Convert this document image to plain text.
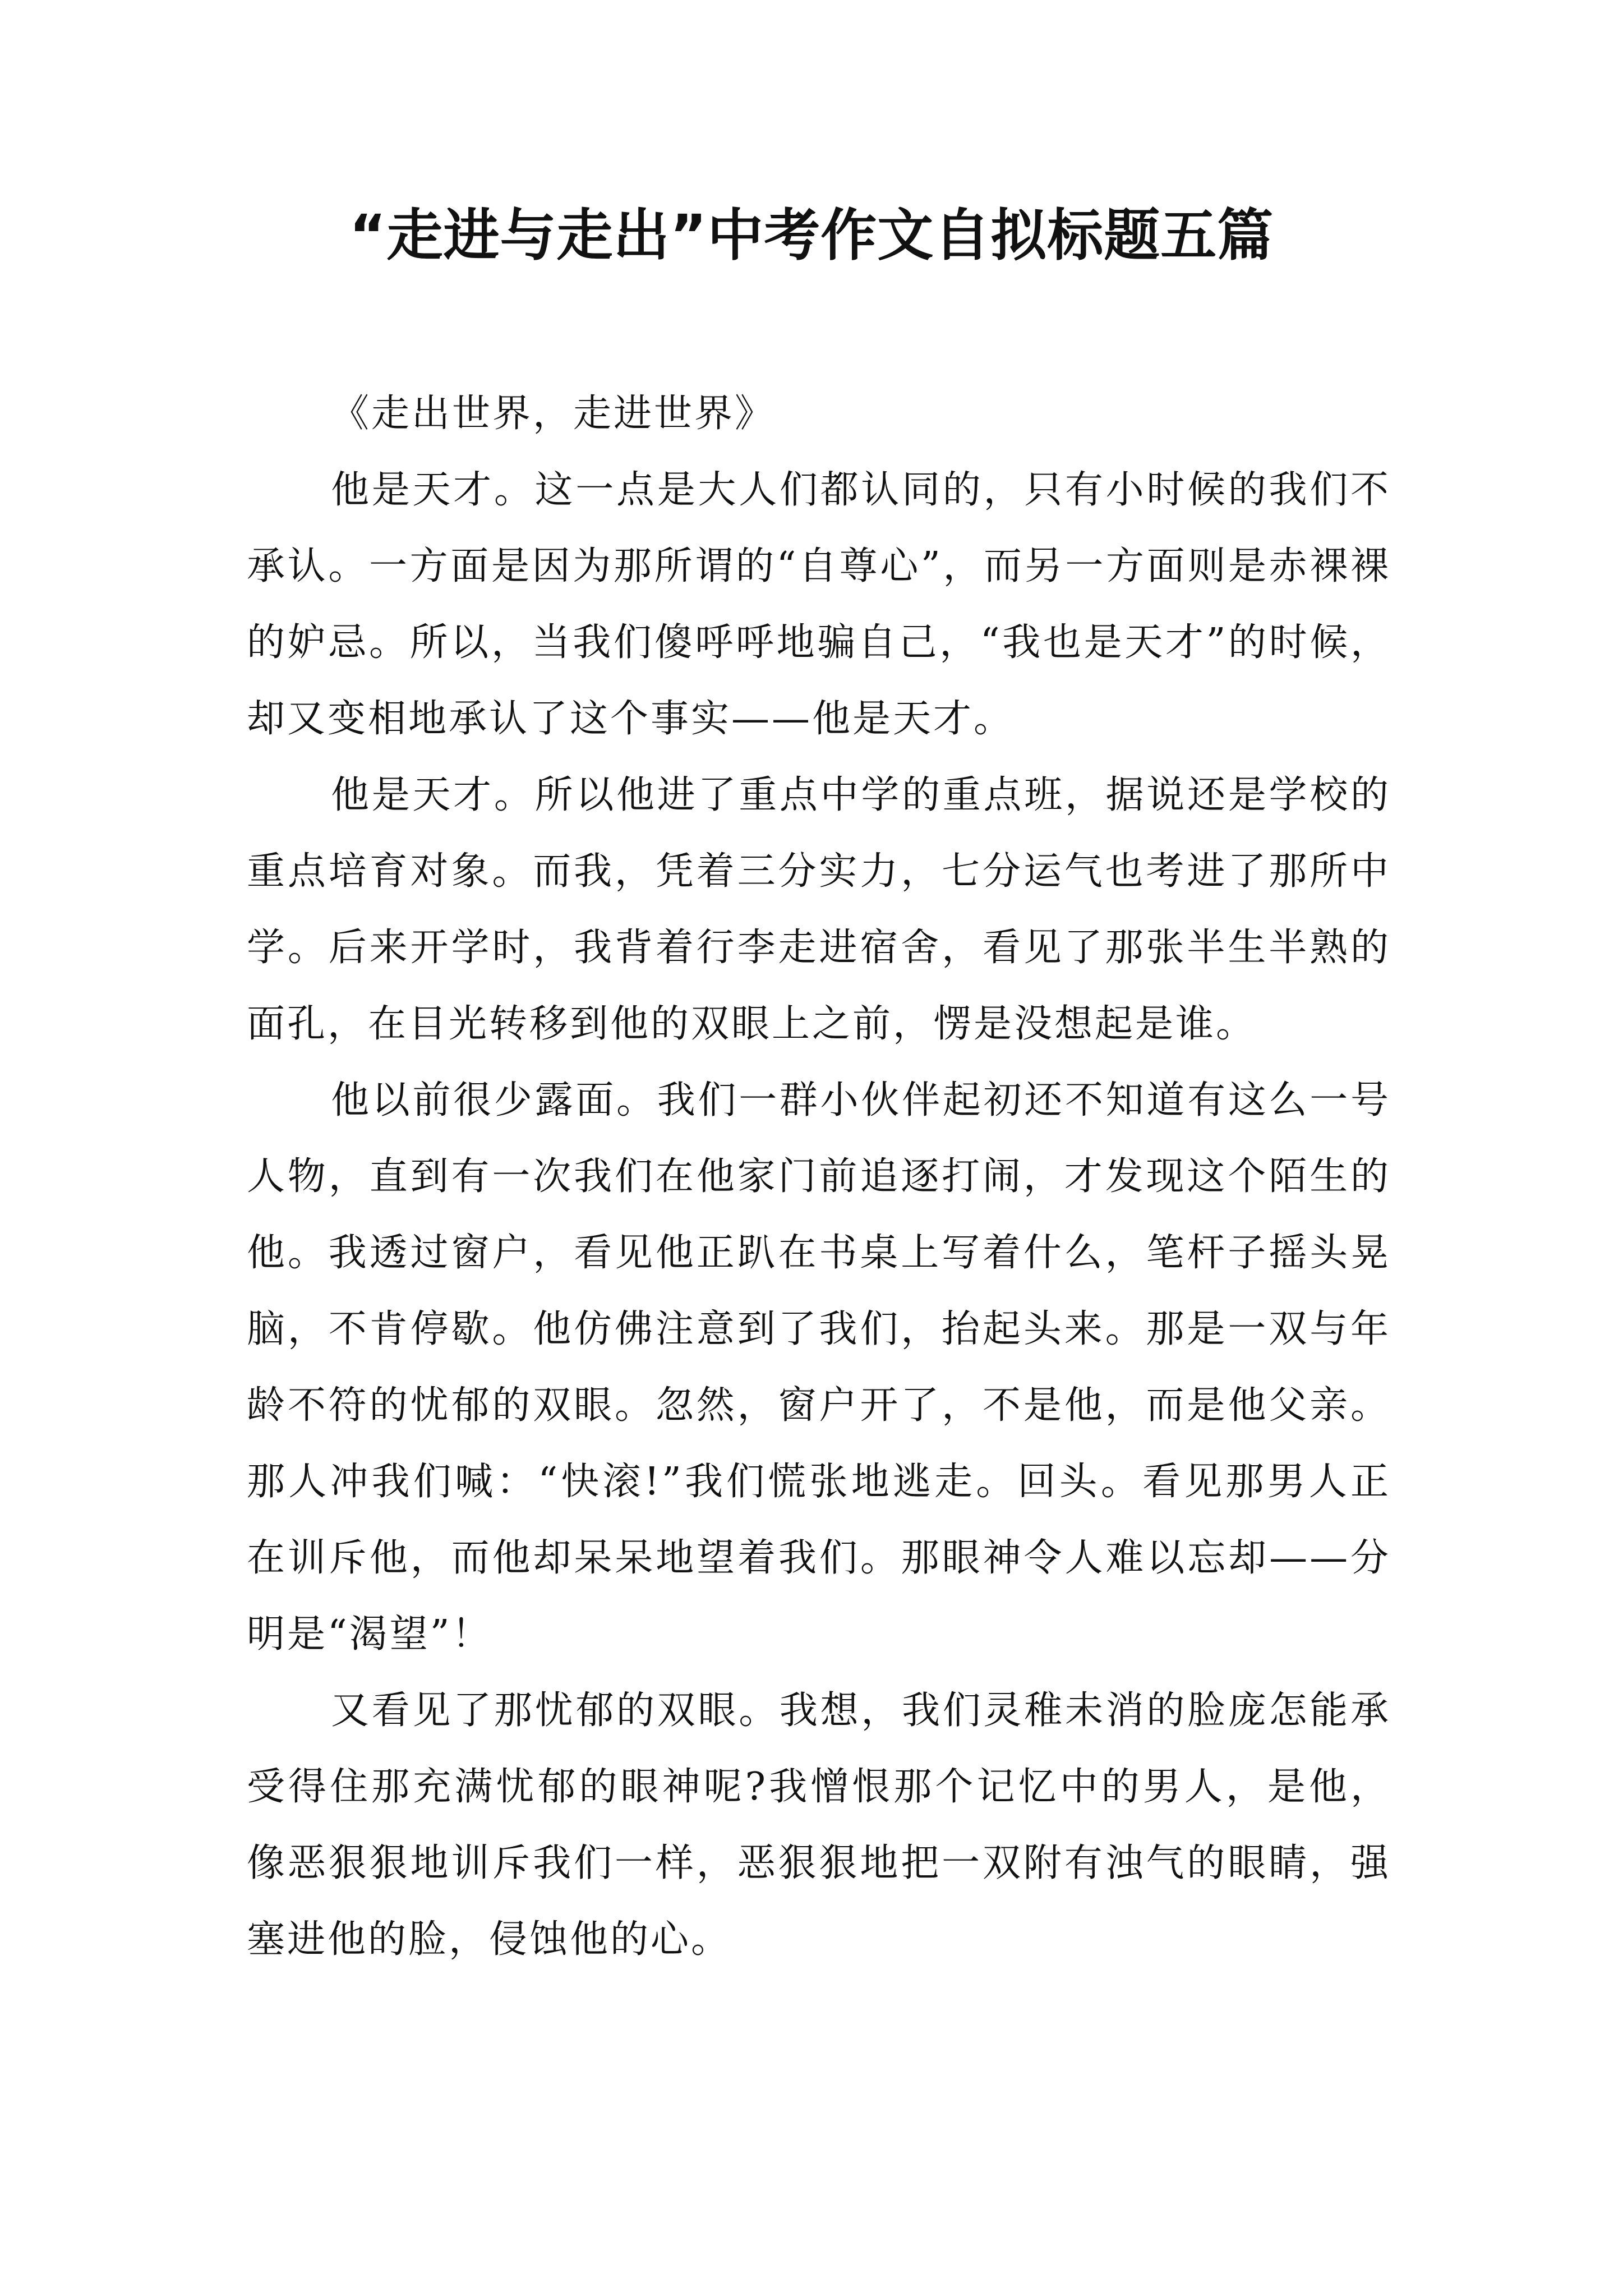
“走进与走出”中考作文自拟标题五篇

《走出世界，走进世界》

他是天才。这一点是大人们都认同的，只有小时候的我们不承认。一方面是因为那所谓的“自尊心”，而另一方面则是赤裸裸的妒忌。所以，当我们傻呼呼地骗自己，“我也是天才”的时候，却又变相地承认了这个事实——他是天才。

他是天才。所以他进了重点中学的重点班，据说还是学校的重点培育对象。而我，凭着三分实力，七分运气也考进了那所中学。后来开学时，我背着行李走进宿舍，看见了那张半生半熟的面孔，在目光转移到他的双眼上之前，愣是没想起是谁。

他以前很少露面。我们一群小伙伴起初还不知道有这么一号人物，直到有一次我们在他家门前追逐打闹，才发现这个陌生的他。我透过窗户，看见他正趴在书桌上写着什么，笔杆子摇头晃脑，不肯停歇。他仿佛注意到了我们，抬起头来。那是一双与年龄不符的忧郁的双眼。忽然，窗户开了，不是他，而是他父亲。那人冲我们喊：“快滚!”我们慌张地逃走。回头。看见那男人正在训斥他，而他却呆呆地望着我们。那眼神令人难以忘却——分明是“渴望”！

又看见了那忧郁的双眼。我想，我们灵稚未消的脸庞怎能承受得住那充满忧郁的眼神呢?我憎恨那个记忆中的男人，是他，像恶狠狠地训斥我们一样，恶狠狠地把一双附有浊气的眼睛，强塞进他的脸，侵蚀他的心。
